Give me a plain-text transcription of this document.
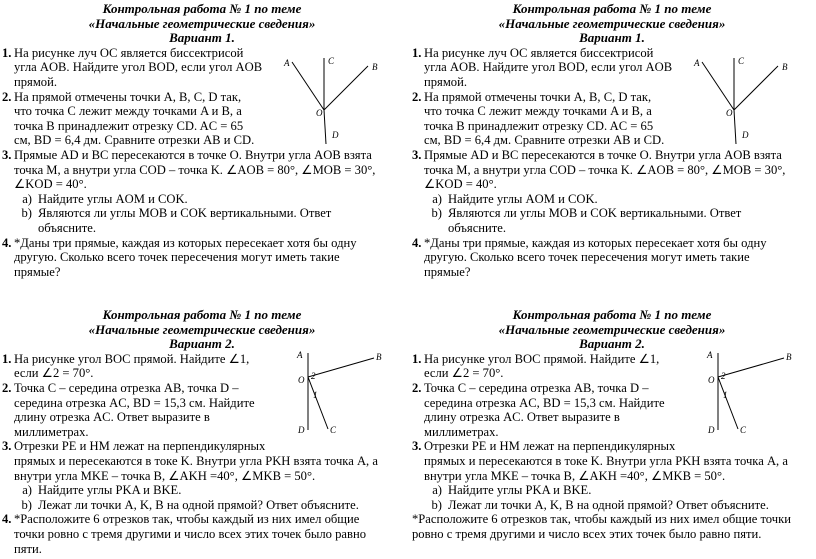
Контрольная работа № 1 по теме
«Начальные геометрические сведения»
Вариант 1.
1. На рисунке луч OC является биссектрисой
угла AOB. Найдите угол BOD, если угол AOB
прямой.
2. На прямой отмечены точки A, B, C, D так,
что точка C лежит между точками A и B, а
точка B принадлежит отрезку CD. AC = 65
см, BD = 6,4 дм. Сравните отрезки AB и CD.
3. Прямые AD и BC пересекаются в точке O. Внутри угла AOB взята
точка M, а внутри угла COD – точка K. ∠AOB = 80°, ∠MOB = 30°,
∠KOD = 40°.
a) Найдите углы AOM и COK.
b) Являются ли углы MOB и COK вертикальными. Ответ
объясните.
4. *Даны три прямые, каждая из которых пересекает хотя бы одну
другую. Сколько всего точек пересечения могут иметь такие
прямые?
A	C
B
O
D
Контрольная работа № 1 по теме
«Начальные геометрические сведения»
Вариант 1.
1. На рисунке луч OC является биссектрисой
угла AOB. Найдите угол BOD, если угол AOB
прямой.
2. На прямой отмечены точки A, B, C, D так,
что точка C лежит между точками A и B, а
точка B принадлежит отрезку CD. AC = 65
см, BD = 6,4 дм. Сравните отрезки AB и CD.
3. Прямые AD и BC пересекаются в точке O. Внутри угла AOB взята
точка M, а внутри угла COD – точка K. ∠AOB = 80°, ∠MOB = 30°,
∠KOD = 40°.
a) Найдите углы AOM и COK.
b) Являются ли углы MOB и COK вертикальными. Ответ
объясните.
4. *Даны три прямые, каждая из которых пересекает хотя бы одну
другую. Сколько всего точек пересечения могут иметь такие
прямые?
A	C
B
O
D
Контрольная работа № 1 по теме
«Начальные геометрические сведения»
Вариант 2.
1. На рисунке угол BOC прямой. Найдите ∠1,
если ∠2 = 70°.
2. Точка C – середина отрезка AB, точка D –
середина отрезка AC, BD = 15,3 см. Найдите
длину отрезка AC. Ответ выразите в
миллиметрах.
3. Отрезки PE и HM лежат на перпендикулярных
прямых и пересекаются в токе K. Внутри угла PKH взята точка A, а
внутри угла MKE – точка B, ∠AKH =40°, ∠MKB = 50°.
a) Найдите углы PKA и BKE.
b) Лежат ли точки A, K, B на одной прямой? Ответ объясните.
4. *Расположите 6 отрезков так, чтобы каждый из них имел общие
точки ровно с тремя другими и число всех этих точек было равно
пяти.
A	B
O 2
1
D	C
Контрольная работа № 1 по теме
«Начальные геометрические сведения»
Вариант 2.
1. На рисунке угол BOC прямой. Найдите ∠1,
если ∠2 = 70°.
2. Точка C – середина отрезка AB, точка D –
середина отрезка AC, BD = 15,3 см. Найдите
длину отрезка AC. Ответ выразите в
миллиметрах.
3. Отрезки PE и HM лежат на перпендикулярных
прямых и пересекаются в токе K. Внутри угла PKH взята точка A, а
внутри угла MKE – точка B, ∠AKH =40°, ∠MKB = 50°.
a) Найдите углы PKA и BKE.
b) Лежат ли точки A, K, B на одной прямой? Ответ объясните.
*Расположите 6 отрезков так, чтобы каждый из них имел общие точки
ровно с тремя другими и число всех этих точек было равно пяти.
A	B
O 2
1
D	C
